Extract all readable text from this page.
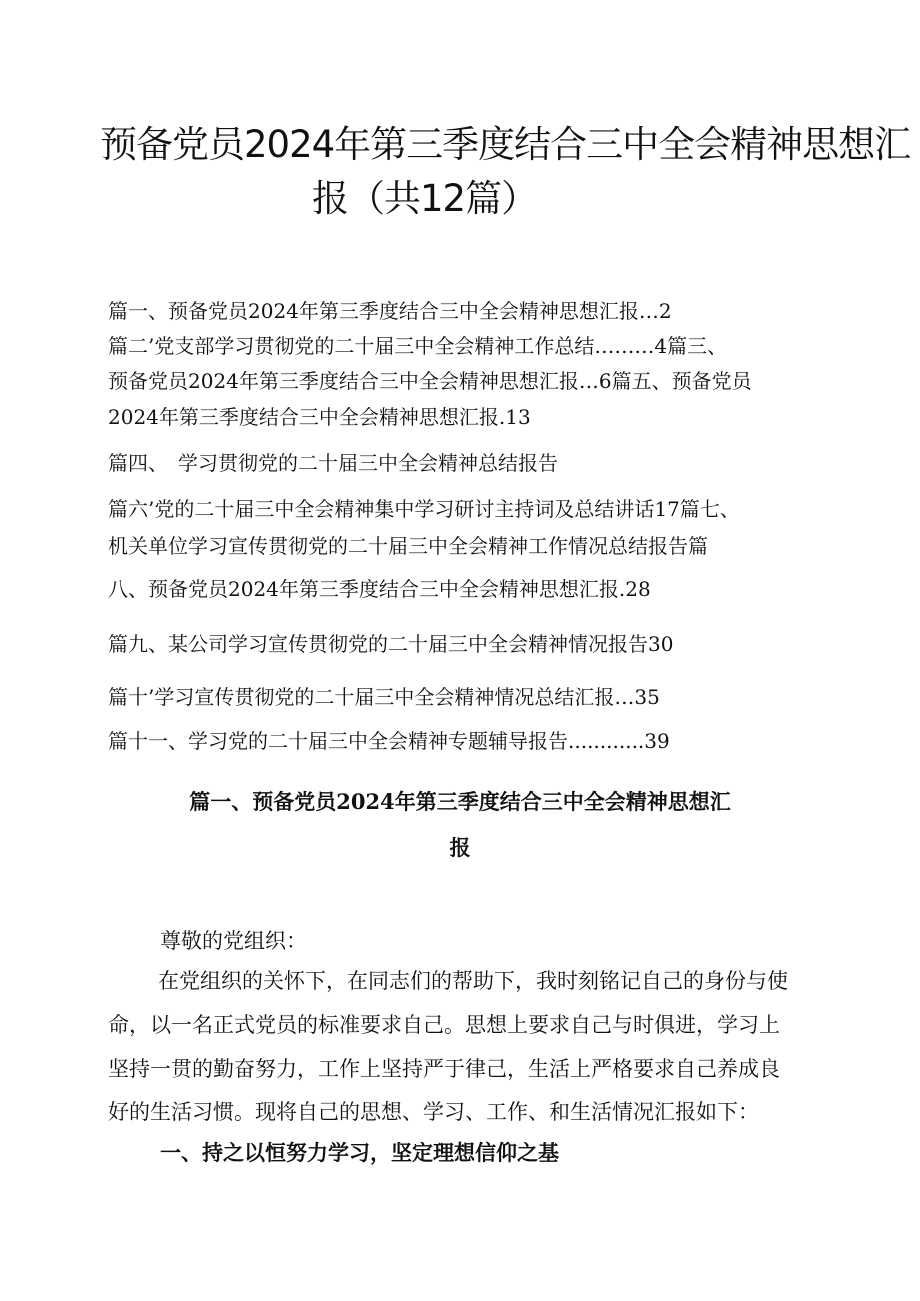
预备党员2024年第三季度结合三中全会精神思想汇
报（共12篇）
篇一、预备党员2024年第三季度结合三中全会精神思想汇报…2
篇二’党支部学习贯彻党的二十届三中全会精神工作总结………4篇三、
预备党员2024年第三季度结合三中全会精神思想汇报…6篇五、预备党员
2024年第三季度结合三中全会精神思想汇报.13
篇四、　学习贯彻党的二十届三中全会精神总结报告
篇六’党的二十届三中全会精神集中学习研讨主持词及总结讲话17篇七、
机关单位学习宣传贯彻党的二十届三中全会精神工作情况总结报告篇
八、预备党员2024年第三季度结合三中全会精神思想汇报.28
篇九、某公司学习宣传贯彻党的二十届三中全会精神情况报告30
篇十’学习宣传贯彻党的二十届三中全会精神情况总结汇报…35
篇十一、学习党的二十届三中全会精神专题辅导报告............39
篇一、预备党员2024年第三季度结合三中全会精神思想汇
报
尊敬的党组织：
在党组织的关怀下，在同志们的帮助下，我时刻铭记自己的身份与使
命，以一名正式党员的标准要求自己。思想上要求自己与时俱进，学习上
坚持一贯的勤奋努力，工作上坚持严于律己，生活上严格要求自己养成良
好的生活习惯。现将自己的思想、学习、工作、和生活情况汇报如下：
一、持之以恒努力学习，坚定理想信仰之基
